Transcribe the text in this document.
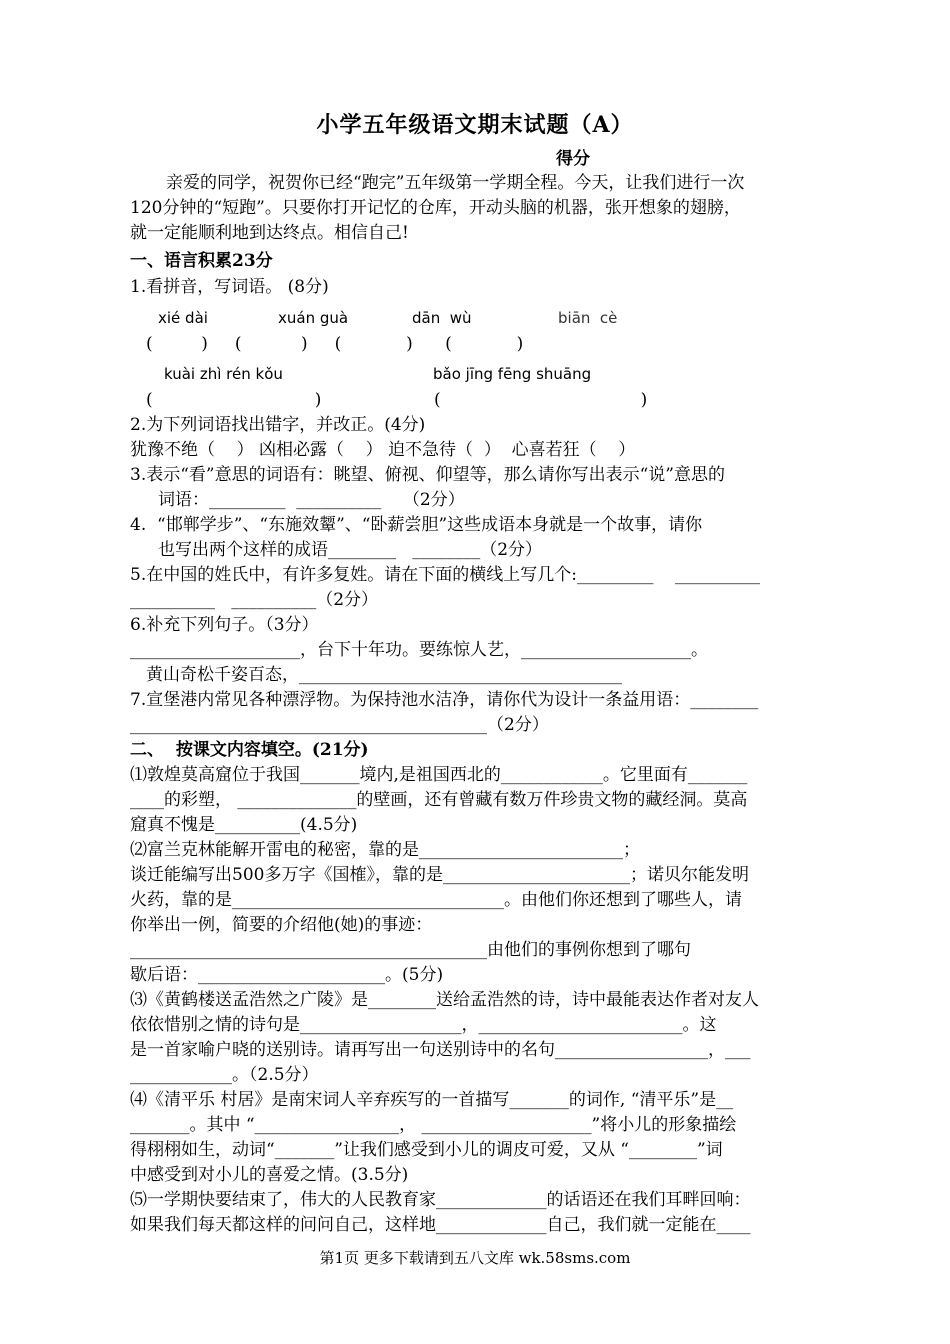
小学五年级语文期末试题（A）
得分
亲爱的同学，祝贺你已经“跑完”五年级第一学期全程。今天，让我们进行一次
120分钟的“短跑”。只要你打开记忆的仓库，开动头脑的机器，张开想象的翅膀，
就一定能顺利地到达终点。相信自己!
一、语言积累23分
1.看拼音，写词语。 (8分)
xié dài	xuán guà	dān  wù	biān  cè
(         )     (           )     (            )      (            )
kuài zhì rén kǒu	bǎo jīng fēng shuāng
(                              )	(                                     )
2.为下列词语找出错字，并改正。(4分)
犹豫不绝（    ） 凶相必露（    ） 迫不急待（  ）  心喜若狂（    ）
3.表示“看”意思的词语有：眺望、俯视、仰望等，那么请你写出表示“说”意思的
词语：_________  __________    （2分）
4.  “邯郸学步”、“东施效颦”、“卧薪尝胆”这些成语本身就是一个故事，请你
也写出两个这样的成语________   ________（2分）
5.在中国的姓氏中，有许多复姓。请在下面的横线上写几个:_________    __________
__________   __________（2分）
6.补充下列句子。（3分）
____________________，台下十年功。要练惊人艺，____________________。
黄山奇松千姿百态，______________________________________
7.宣堡港内常见各种漂浮物。为保持池水洁净，请你代为设计一条益用语：________
__________________________________________（2分）
二、  按课文内容填空。(21分)
⑴敦煌莫高窟位于我国_______境内,是祖国西北的____________。它里面有_______
____的彩塑， ______________的壁画，还有曾藏有数万件珍贵文物的藏经洞。莫高
窟真不愧是__________(4.5分)
⑵富兰克林能解开雷电的秘密，靠的是________________________；
谈迁能编写出500多万字《国榷》，靠的是______________________；诺贝尔能发明
火药，靠的是________________________________。由他们你还想到了哪些人，请
你举出一例，简要的介绍他(她)的事迹：
__________________________________________由他们的事例你想到了哪句
歇后语：______________________。(5分)
⑶《黄鹤楼送孟浩然之广陵》是________送给孟浩然的诗，诗中最能表达作者对友人
依依惜别之情的诗句是___________________，________________________。这
是一首家喻户晓的送别诗。请再写出一句送别诗中的名句__________________，___
____________。（2.5分）
⑷《清平乐 村居》是南宋词人辛弃疾写的一首描写_______的词作, “清平乐”是__
_______。其中 “_________________， ____________________”将小儿的形象描绘
得栩栩如生，动词“_______”让我们感受到小儿的调皮可爱，又从 “________”词
中感受到对小儿的喜爱之情。(3.5分)
⑸一学期快要结束了，伟大的人民教育家_____________的话语还在我们耳畔回响：
如果我们每天都这样的问问自己，这样地_____________自己，我们就一定能在____
第1页 更多下载请到五八文库 wk.58sms.com
